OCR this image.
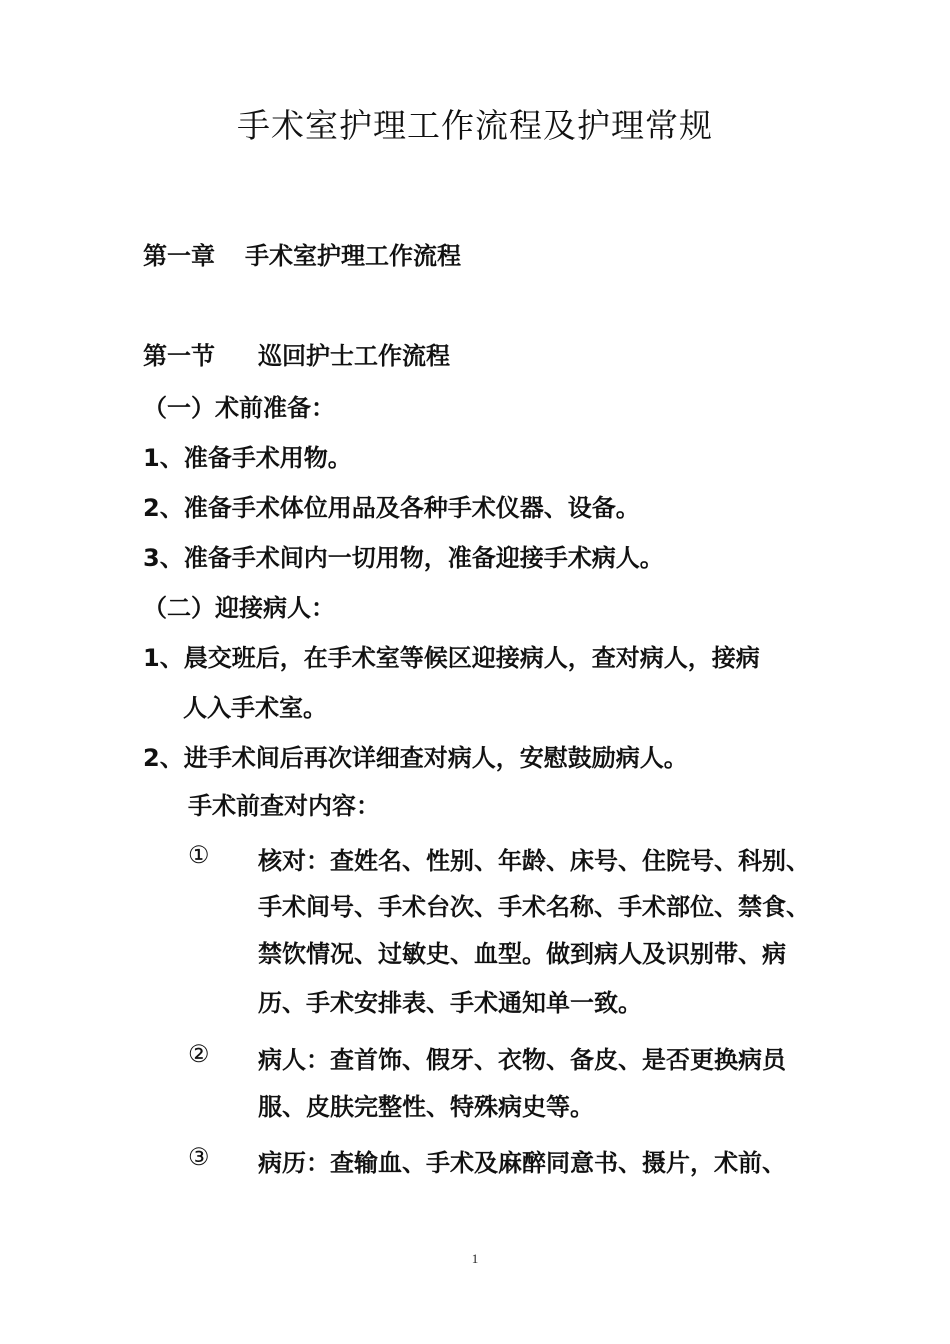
手术室护理工作流程及护理常规
第一章 手术室护理工作流程
第一节 巡回护士工作流程
（一）术前准备：
1、准备手术用物。
2、准备手术体位用品及各种手术仪器、设备。
3、准备手术间内一切用物，准备迎接手术病人。
（二）迎接病人：
1、晨交班后，在手术室等候区迎接病人，查对病人，接病
人入手术室。
2、进手术间后再次详细查对病人，安慰鼓励病人。
手术前查对内容：
① 核对：查姓名、性别、年龄、床号、住院号、科别、
手术间号、手术台次、手术名称、手术部位、禁食、
禁饮情况、过敏史、血型。做到病人及识别带、病
历、手术安排表、手术通知单一致。
② 病人：查首饰、假牙、衣物、备皮、是否更换病员
服、皮肤完整性、特殊病史等。
③ 病历：查输血、手术及麻醉同意书、摄片，术前、
1
